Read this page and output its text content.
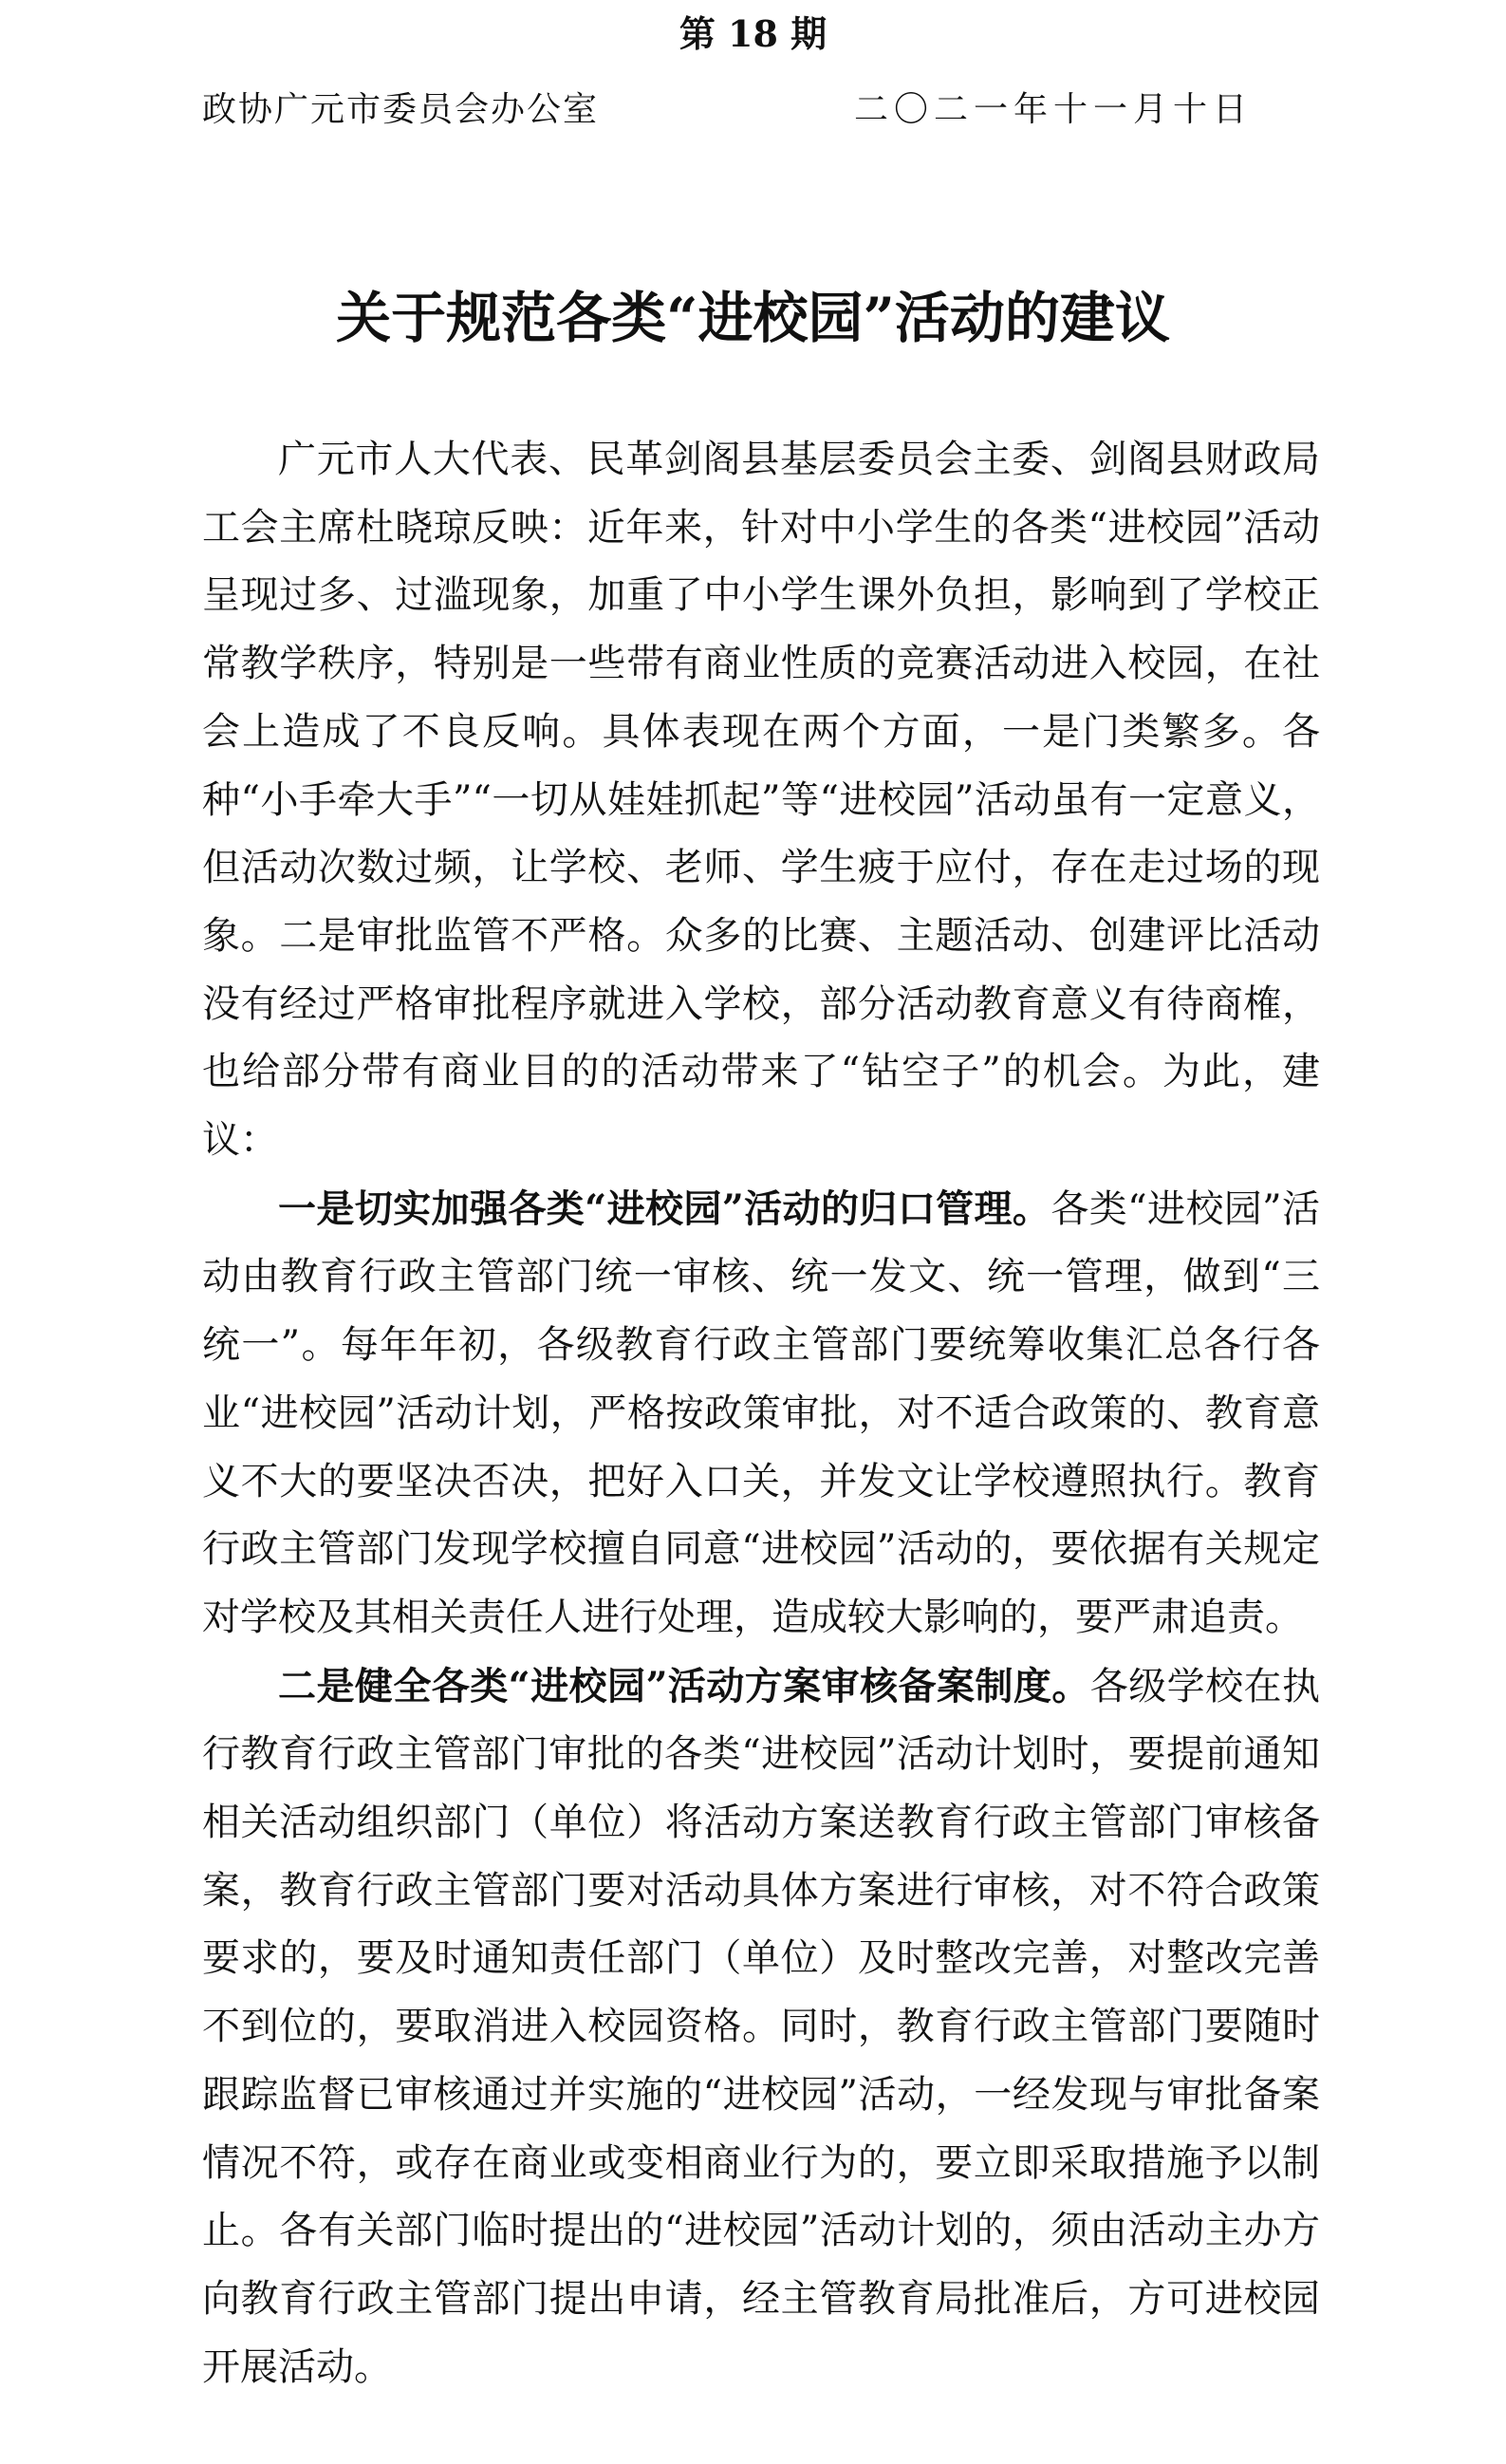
第 18 期
政协广元市委员会办公室	二〇二一年十一月十日
关于规范各类“进校园”活动的建议

广元市人大代表、民革剑阁县基层委员会主委、剑阁县财政局工会主席杜晓琼反映：近年来，针对中小学生的各类“进校园”活动呈现过多、过滥现象，加重了中小学生课外负担，影响到了学校正常教学秩序，特别是一些带有商业性质的竞赛活动进入校园，在社会上造成了不良反响。具体表现在两个方面，一是门类繁多。各种“小手牵大手”“一切从娃娃抓起”等“进校园”活动虽有一定意义，但活动次数过频，让学校、老师、学生疲于应付，存在走过场的现象。二是审批监管不严格。众多的比赛、主题活动、创建评比活动没有经过严格审批程序就进入学校，部分活动教育意义有待商榷，也给部分带有商业目的的活动带来了“钻空子”的机会。为此，建议：

一是切实加强各类“进校园”活动的归口管理。各类“进校园”活动由教育行政主管部门统一审核、统一发文、统一管理，做到“三统一”。每年年初，各级教育行政主管部门要统筹收集汇总各行各业“进校园”活动计划，严格按政策审批，对不适合政策的、教育意义不大的要坚决否决，把好入口关，并发文让学校遵照执行。教育行政主管部门发现学校擅自同意“进校园”活动的，要依据有关规定对学校及其相关责任人进行处理，造成较大影响的，要严肃追责。

二是健全各类“进校园”活动方案审核备案制度。各级学校在执行教育行政主管部门审批的各类“进校园”活动计划时，要提前通知相关活动组织部门（单位）将活动方案送教育行政主管部门审核备案，教育行政主管部门要对活动具体方案进行审核，对不符合政策要求的，要及时通知责任部门（单位）及时整改完善，对整改完善不到位的，要取消进入校园资格。同时，教育行政主管部门要随时跟踪监督已审核通过并实施的“进校园”活动，一经发现与审批备案情况不符，或存在商业或变相商业行为的，要立即采取措施予以制止。各有关部门临时提出的“进校园”活动计划的，须由活动主办方向教育行政主管部门提出申请，经主管教育局批准后，方可进校园开展活动。
